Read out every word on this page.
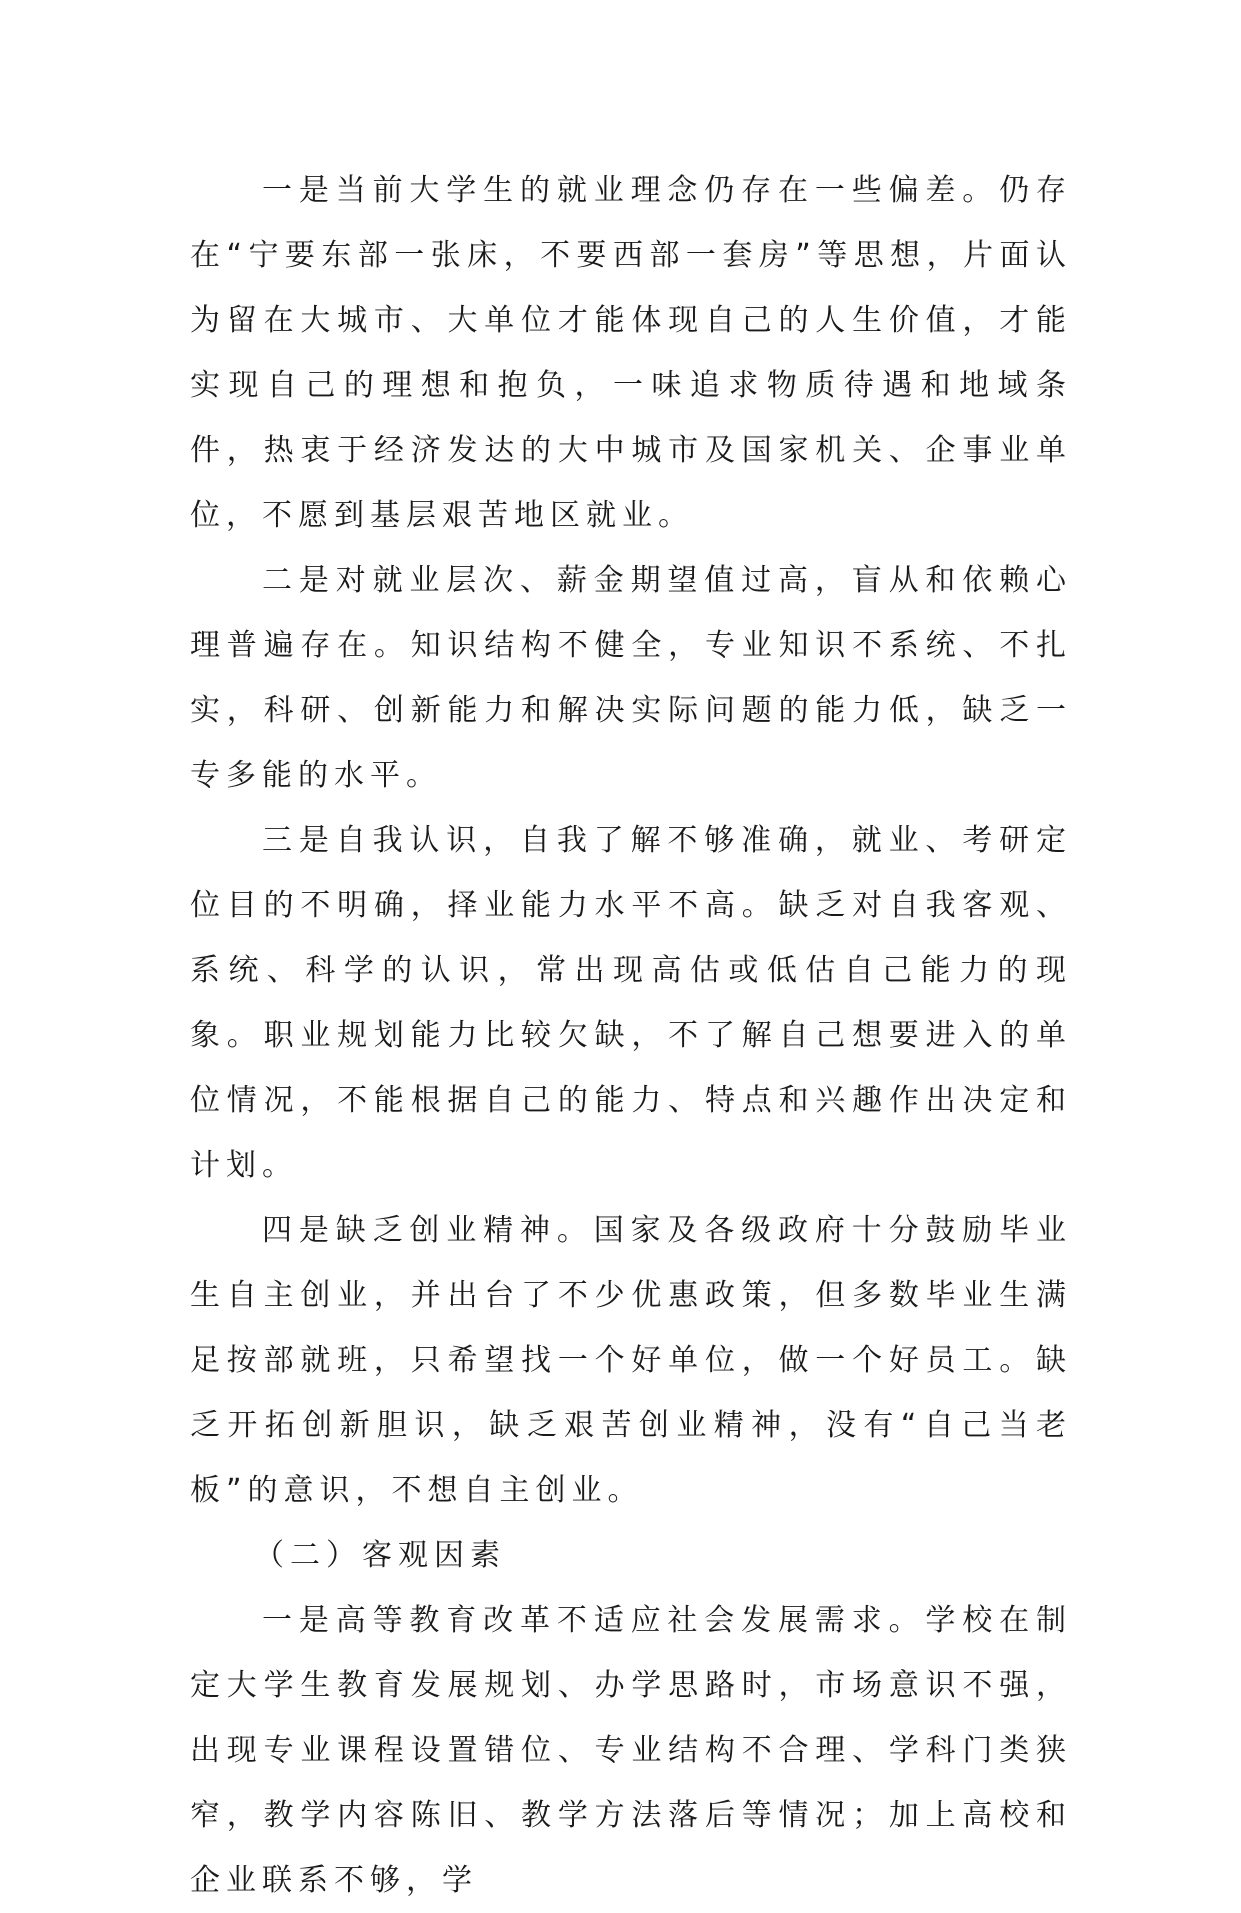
一是当前大学生的就业理念仍存在一些偏差。仍存在“宁要东部一张床，不要西部一套房”等思想，片面认为留在大城市、大单位才能体现自己的人生价值，才能实现自己的理想和抱负，一味追求物质待遇和地域条件，热衷于经济发达的大中城市及国家机关、企事业单位，不愿到基层艰苦地区就业。

二是对就业层次、薪金期望值过高，盲从和依赖心理普遍存在。知识结构不健全，专业知识不系统、不扎实，科研、创新能力和解决实际问题的能力低，缺乏一专多能的水平。

三是自我认识，自我了解不够准确，就业、考研定位目的不明确，择业能力水平不高。缺乏对自我客观、系统、科学的认识，常出现高估或低估自己能力的现象。职业规划能力比较欠缺，不了解自己想要进入的单位情况，不能根据自己的能力、特点和兴趣作出决定和计划。

四是缺乏创业精神。国家及各级政府十分鼓励毕业生自主创业，并出台了不少优惠政策，但多数毕业生满足按部就班，只希望找一个好单位，做一个好员工。缺乏开拓创新胆识，缺乏艰苦创业精神，没有“自己当老板”的意识，不想自主创业。

（二）客观因素

一是高等教育改革不适应社会发展需求。学校在制定大学生教育发展规划、办学思路时，市场意识不强，出现专业课程设置错位、专业结构不合理、学科门类狭窄，教学内容陈旧、教学方法落后等情况；加上高校和企业联系不够，学
